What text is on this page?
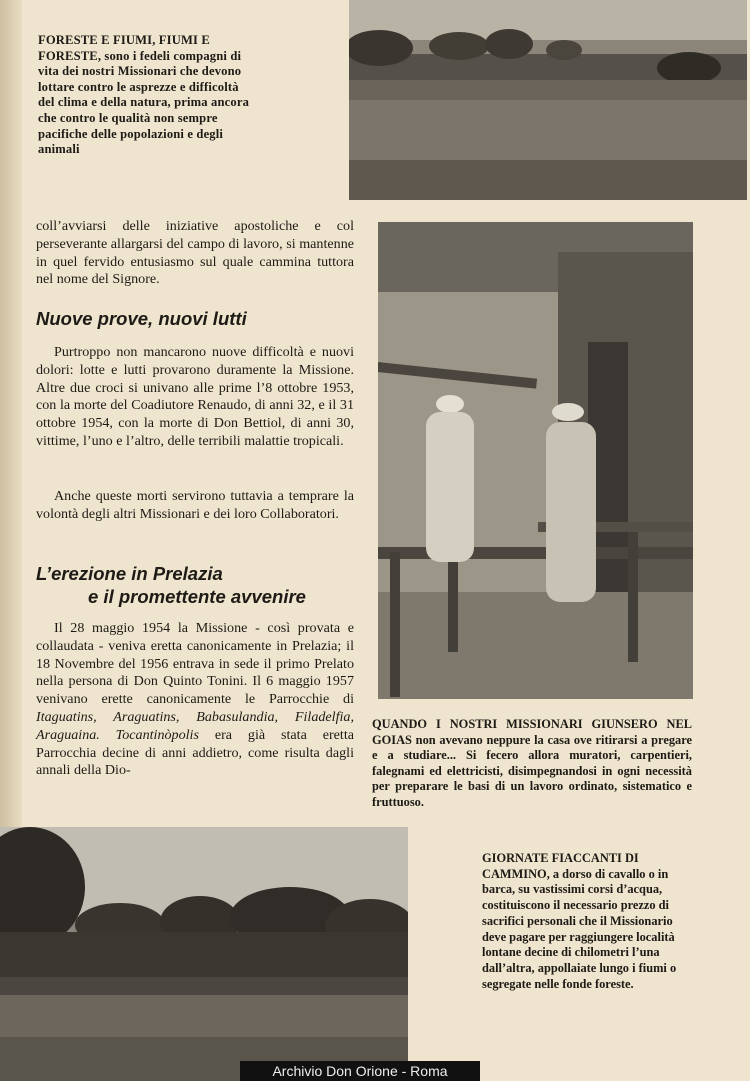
FORESTE E FIUMI, FIUMI E FORESTE, sono i fedeli compagni di vita dei nostri Missionari che devono lottare contro le asprezze e difficoltà del clima e della natura, prima ancora che contro le qualità non sempre pacifiche delle popolazioni e degli animali
coll’avviarsi delle iniziative apostoliche e col perseverante allargarsi del campo di lavoro, si mantenne in quel fervido entusiasmo sul quale cammina tuttora nel nome del Signore.
Nuove prove, nuovi lutti
Purtroppo non mancarono nuove difficoltà e nuovi dolori: lotte e lutti provarono duramente la Missione. Altre due croci si univano alle prime l’8 ottobre 1953, con la morte del Coadiutore Renaudo, di anni 32, e il 31 ottobre 1954, con la morte di Don Bettiol, di anni 30, vittime, l’uno e l’altro, delle terribili malattie tropicali.
Anche queste morti servirono tuttavia a temprare la volontà degli altri Missionari e dei loro Collaboratori.
L’erezione in Prelazia
e il promettente avvenire
Il 28 maggio 1954 la Missione - così provata e collaudata - veniva eretta canonicamente in Prelazia; il 18 Novembre del 1956 entrava in sede il primo Prelato nella persona di Don Quinto Tonini. Il 6 maggio 1957 venivano erette canonicamente le Parrocchie di Itaguatins, Araguatins, Babasulandia, Filadelfia, Araguaina. Tocantinòpolis era già stata eretta Parrocchia decine di anni addietro, come risulta dagli annali della Dio-
QUANDO I NOSTRI MISSIONARI GIUNSERO NEL GOIAS non avevano neppure la casa ove ritirarsi a pregare e a studiare... Si fecero allora muratori, carpentieri, falegnami ed elettricisti, disimpegnandosi in ogni necessità per preparare le basi di un lavoro ordinato, sistematico e fruttuoso.
GIORNATE FIACCANTI DI CAMMINO, a dorso di cavallo o in barca, su vastissimi corsi d’acqua, costituiscono il necessario prezzo di sacrifici personali che il Missionario deve pagare per raggiungere località lontane decine di chilometri l’una dall’altra, appollaiate lungo i fiumi o segregate nelle fonde foreste.
Archivio Don Orione - Roma
